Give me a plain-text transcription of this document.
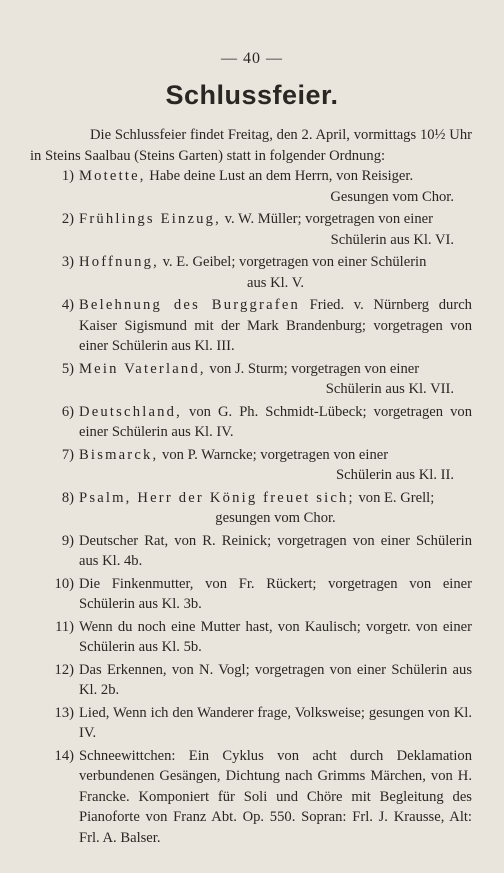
— 40 —
Schlussfeier.

Die Schlussfeier findet Freitag, den 2. April, vormittags 10½ Uhr in Steins Saalbau (Steins Garten) statt in folgender Ordnung:

1) Motette, Habe deine Lust an dem Herrn, von Reisiger.
Gesungen vom Chor.
2) Frühlings Einzug, v. W. Müller; vorgetragen von einer
Schülerin aus Kl. VI.
3) Hoffnung, v. E. Geibel; vorgetragen von einer Schülerin
aus Kl. V.
4) Belehnung des Burggrafen Fried. v. Nürnberg durch Kaiser Sigismund mit der Mark Brandenburg; vorgetragen von einer Schülerin aus Kl. III.
5) Mein Vaterland, von J. Sturm; vorgetragen von einer
Schülerin aus Kl. VII.
6) Deutschland, von G. Ph. Schmidt-Lübeck; vorgetragen von einer Schülerin aus Kl. IV.
7) Bismarck, von P. Warncke; vorgetragen von einer
Schülerin aus Kl. II.
8) Psalm, Herr der König freuet sich; von E. Grell;
gesungen vom Chor.
9) Deutscher Rat, von R. Reinick; vorgetragen von einer Schülerin aus Kl. 4b.
10) Die Finkenmutter, von Fr. Rückert; vorgetragen von einer Schülerin aus Kl. 3b.
11) Wenn du noch eine Mutter hast, von Kaulisch; vorgetr. von einer Schülerin aus Kl. 5b.
12) Das Erkennen, von N. Vogl; vorgetragen von einer Schülerin aus Kl. 2b.
13) Lied, Wenn ich den Wanderer frage, Volksweise; gesungen von Kl. IV.
14) Schneewittchen: Ein Cyklus von acht durch Deklamation verbundenen Gesängen, Dichtung nach Grimms Märchen, von H. Francke. Komponiert für Soli und Chöre mit Begleitung des Pianoforte von Franz Abt. Op. 550. Sopran: Frl. J. Krausse, Alt: Frl. A. Balser.
